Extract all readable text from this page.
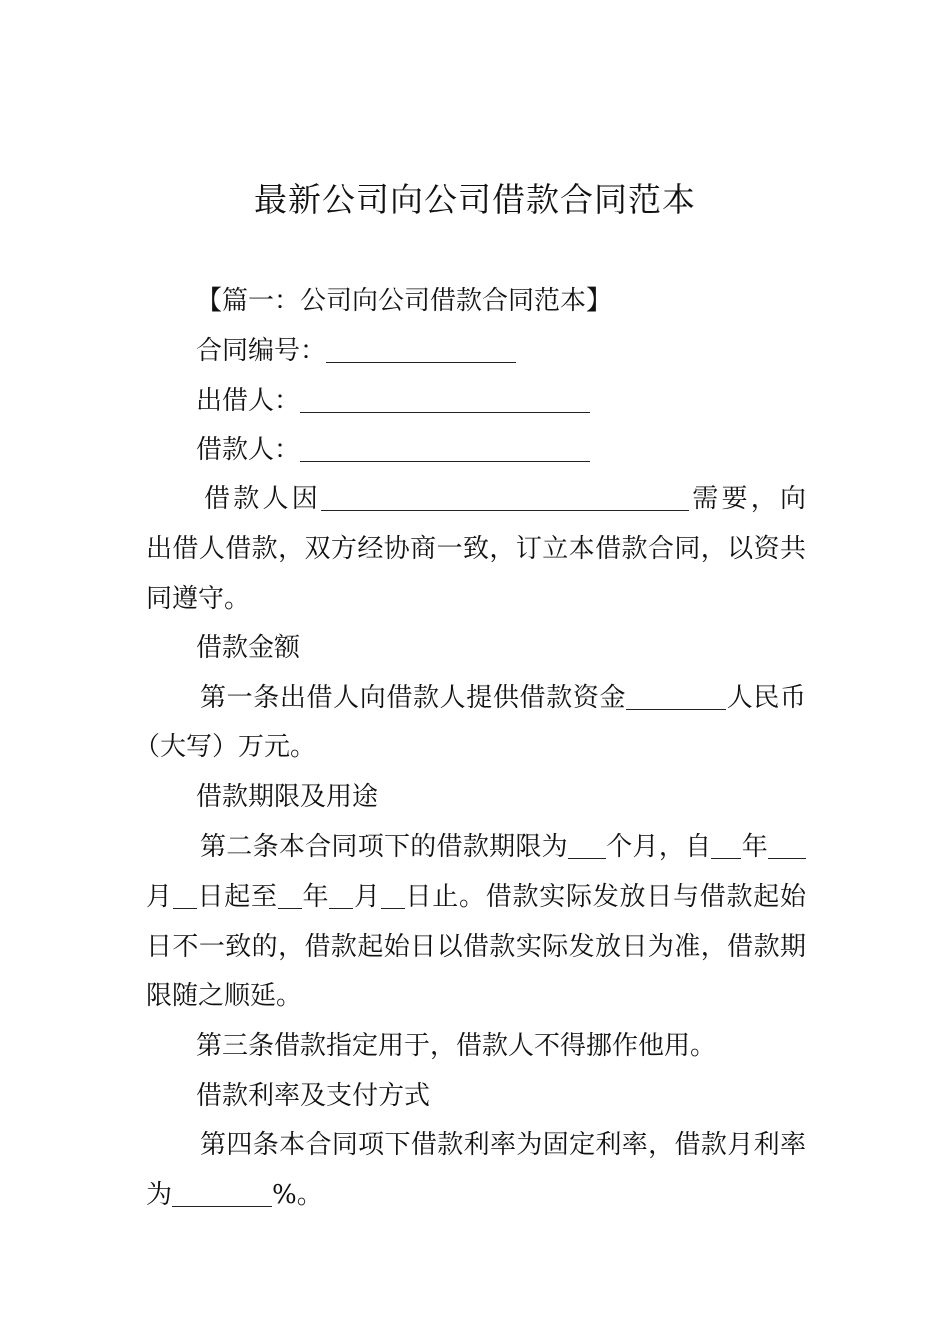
最新公司向公司借款合同范本
【篇一：公司向公司借款合同范本】
合同编号：
出借人：
借款人：
借款人因	需要，向
出借人借款，双方经协商一致，订立本借款合同，以资共
同遵守。
借款金额
第一条出借人向借款人提供借款资金	人民币
（大写）万元。
借款期限及用途
第二条本合同项下的借款期限为 个月，自 年
月 日起至 年 月 日止。借款实际发放日与借款起始
日不一致的，借款起始日以借款实际发放日为准，借款期
限随之顺延。
第三条借款指定用于，借款人不得挪作他用。
借款利率及支付方式
第四条本合同项下借款利率为固定利率，借款月利率
为	%。
